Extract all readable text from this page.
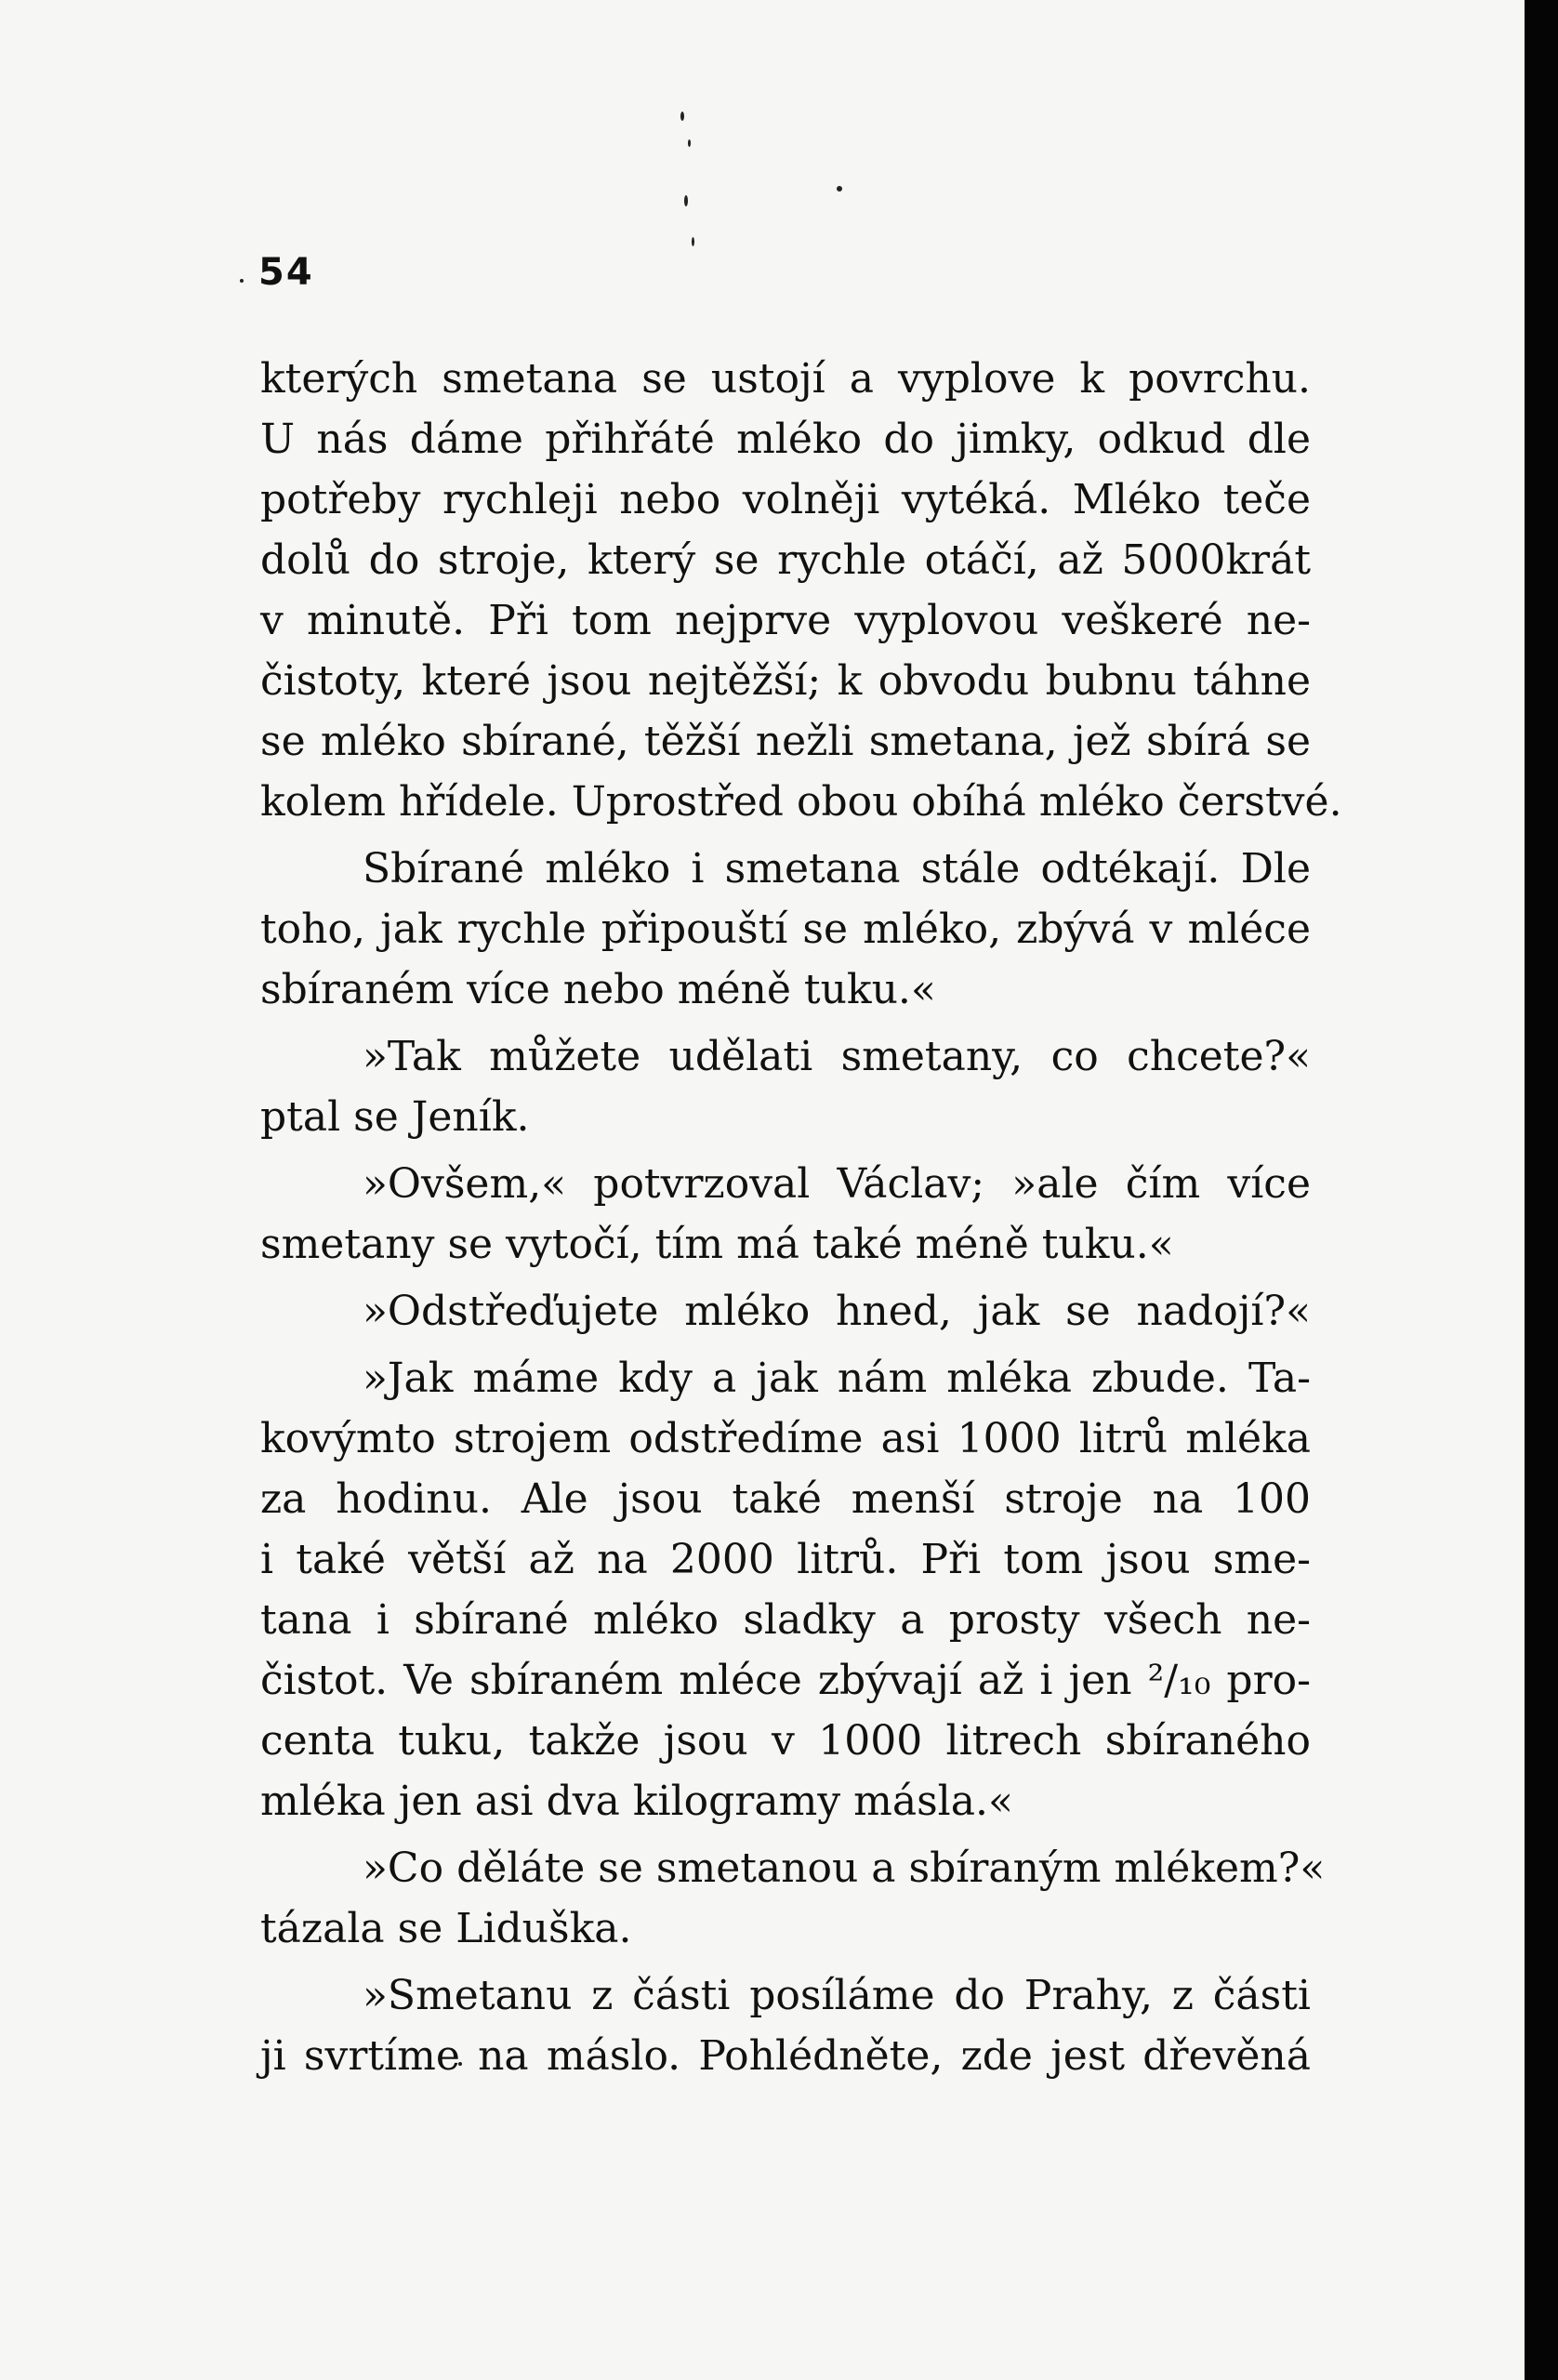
54
kterých smetana se ustojí a vyplove k povrchu.
U nás dáme přihřáté mléko do jimky, odkud dle
potřeby rychleji nebo volněji vytéká. Mléko teče
dolů do stroje, který se rychle otáčí, až 5000krát
v minutě. Při tom nejprve vyplovou veškeré ne-
čistoty, které jsou nejtěžší; k obvodu bubnu táhne
se mléko sbírané, těžší nežli smetana, jež sbírá se
kolem hřídele. Uprostřed obou obíhá mléko čerstvé.
Sbírané mléko i smetana stále odtékají. Dle
toho, jak rychle připouští se mléko, zbývá v mléce
sbíraném více nebo méně tuku.«
»Tak můžete udělati smetany, co chcete?«
ptal se Jeník.
»Ovšem,« potvrzoval Václav; »ale čím více
smetany se vytočí, tím má také méně tuku.«
»Odstřeďujete mléko hned, jak se nadojí?«
»Jak máme kdy a jak nám mléka zbude. Ta-
kovýmto strojem odstředíme asi 1000 litrů mléka
za hodinu. Ale jsou také menší stroje na 100
i také větší až na 2000 litrů. Při tom jsou sme-
tana i sbírané mléko sladky a prosty všech ne-
čistot. Ve sbíraném mléce zbývají až i jen ²/₁₀ pro-
centa tuku, takže jsou v 1000 litrech sbíraného
mléka jen asi dva kilogramy másla.«
»Co děláte se smetanou a sbíraným mlékem?«
tázala se Liduška.
»Smetanu z části posíláme do Prahy, z části
ji svrtíme na máslo. Pohlédněte, zde jest dřevěná
